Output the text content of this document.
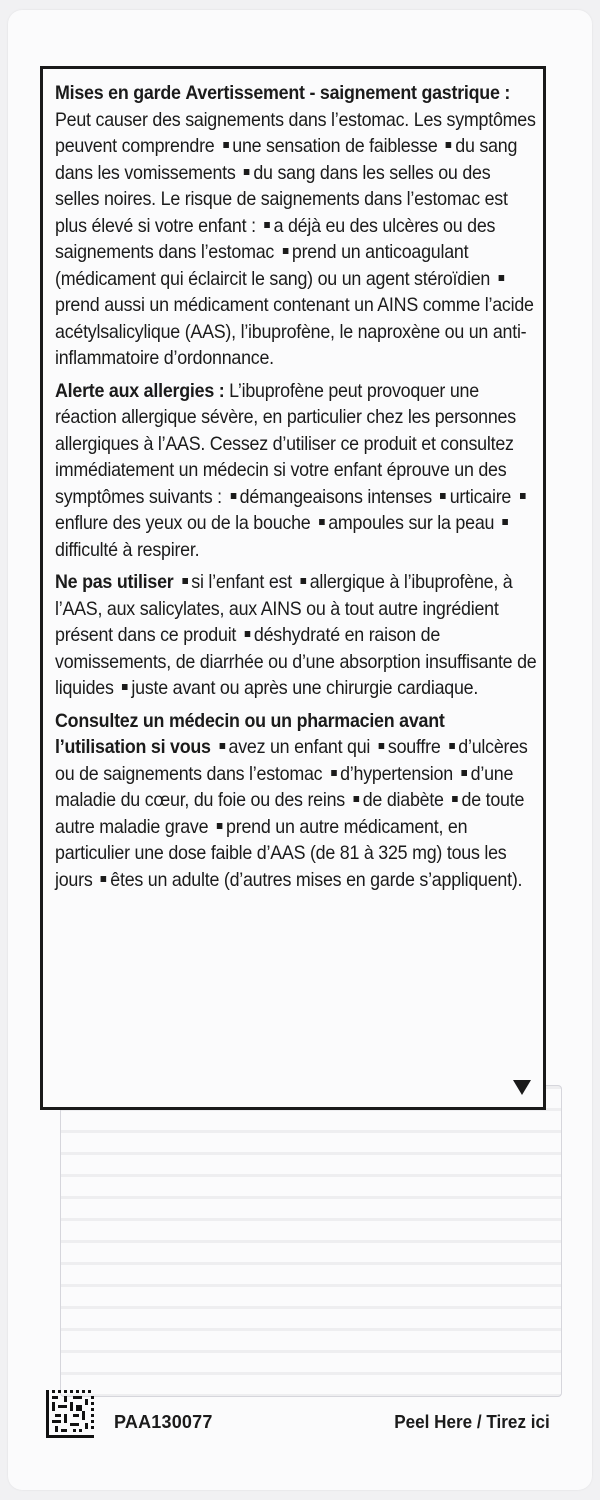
Mises en garde Avertissement - saignement gastrique : Peut causer des saignements dans l’estomac. Les symptômes peuvent comprendre une sensation de faiblesse du sang dans les vomissements du sang dans les selles ou des selles noires. Le risque de saignements dans l’estomac est plus élevé si votre enfant : a déjà eu des ulcères ou des saignements dans l’estomac prend un anticoagulant (médicament qui éclaircit le sang) ou un agent stéroïdien prend aussi un médicament contenant un AINS comme l’acide acétylsalicylique (AAS), l’ibuprofène, le naproxène ou un anti-inflammatoire d’ordonnance.

Alerte aux allergies : L’ibuprofène peut provoquer une réaction allergique sévère, en particulier chez les personnes allergiques à l’AAS. Cessez d’utiliser ce produit et consultez immédiatement un médecin si votre enfant éprouve un des symptômes suivants : démangeaisons intenses urticaire enflure des yeux ou de la bouche ampoules sur la peau difficulté à respirer.

Ne pas utiliser si l’enfant est allergique à l’ibuprofène, à l’AAS, aux salicylates, aux AINS ou à tout autre ingrédient présent dans ce produit déshydraté en raison de vomissements, de diarrhée ou d’une absorption insuffisante de liquides juste avant ou après une chirurgie cardiaque.

Consultez un médecin ou un pharmacien avant l’utilisation si vous avez un enfant qui souffre d’ulcères ou de saignements dans l’estomac d’hypertension d’une maladie du cœur, du foie ou des reins de diabète de toute autre maladie grave prend un autre médicament, en particulier une dose faible d’AAS (de 81 à 325 mg) tous les jours êtes un adulte (d’autres mises en garde s’appliquent).

PAA130077	Peel Here / Tirez ici
